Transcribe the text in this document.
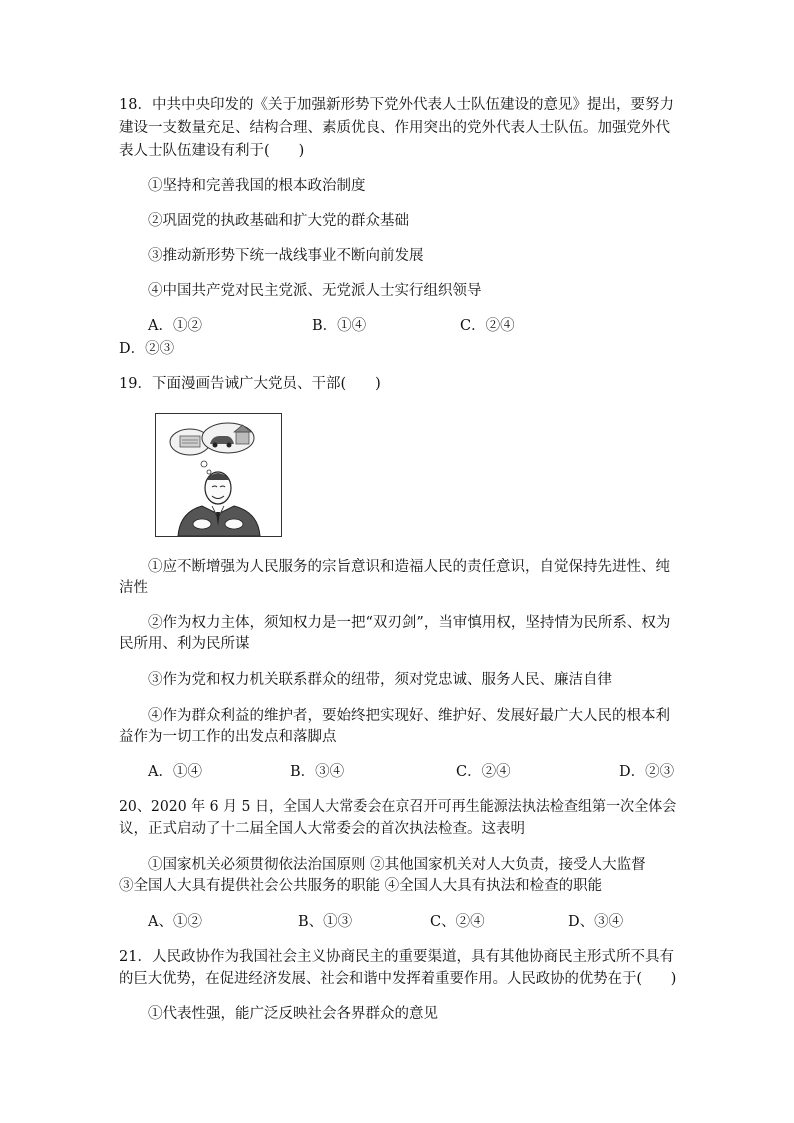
18．中共中央印发的《关于加强新形势下党外代表人士队伍建设的意见》提出，要努力
建设一支数量充足、结构合理、素质优良、作用突出的党外代表人士队伍。加强党外代
表人士队伍建设有利于(　　)
①坚持和完善我国的根本政治制度
②巩固党的执政基础和扩大党的群众基础
③推动新形势下统一战线事业不断向前发展
④中国共产党对民主党派、无党派人士实行组织领导
A．①②	B．①④	C．②④
D．②③
19．下面漫画告诫广大党员、干部(　　)
①应不断增强为人民服务的宗旨意识和造福人民的责任意识，自觉保持先进性、纯
洁性
②作为权力主体，须知权力是一把“双刃剑”，当审慎用权，坚持情为民所系、权为
民所用、利为民所谋
③作为党和权力机关联系群众的纽带，须对党忠诚、服务人民、廉洁自律
④作为群众利益的维护者，要始终把实现好、维护好、发展好最广大人民的根本利
益作为一切工作的出发点和落脚点
A．①④	B．③④	C．②④	D．②③
20、2020 年 6 月 5 日，全国人大常委会在京召开可再生能源法执法检查组第一次全体会
议，正式启动了十二届全国人大常委会的首次执法检查。这表明
①国家机关必须贯彻依法治国原则 ②其他国家机关对人大负责，接受人大监督
③全国人大具有提供社会公共服务的职能 ④全国人大具有执法和检查的职能
A、①②	B、①③	C、②④	D、③④
21．人民政协作为我国社会主义协商民主的重要渠道，具有其他协商民主形式所不具有
的巨大优势，在促进经济发展、社会和谐中发挥着重要作用。人民政协的优势在于(　　)
①代表性强，能广泛反映社会各界群众的意见
